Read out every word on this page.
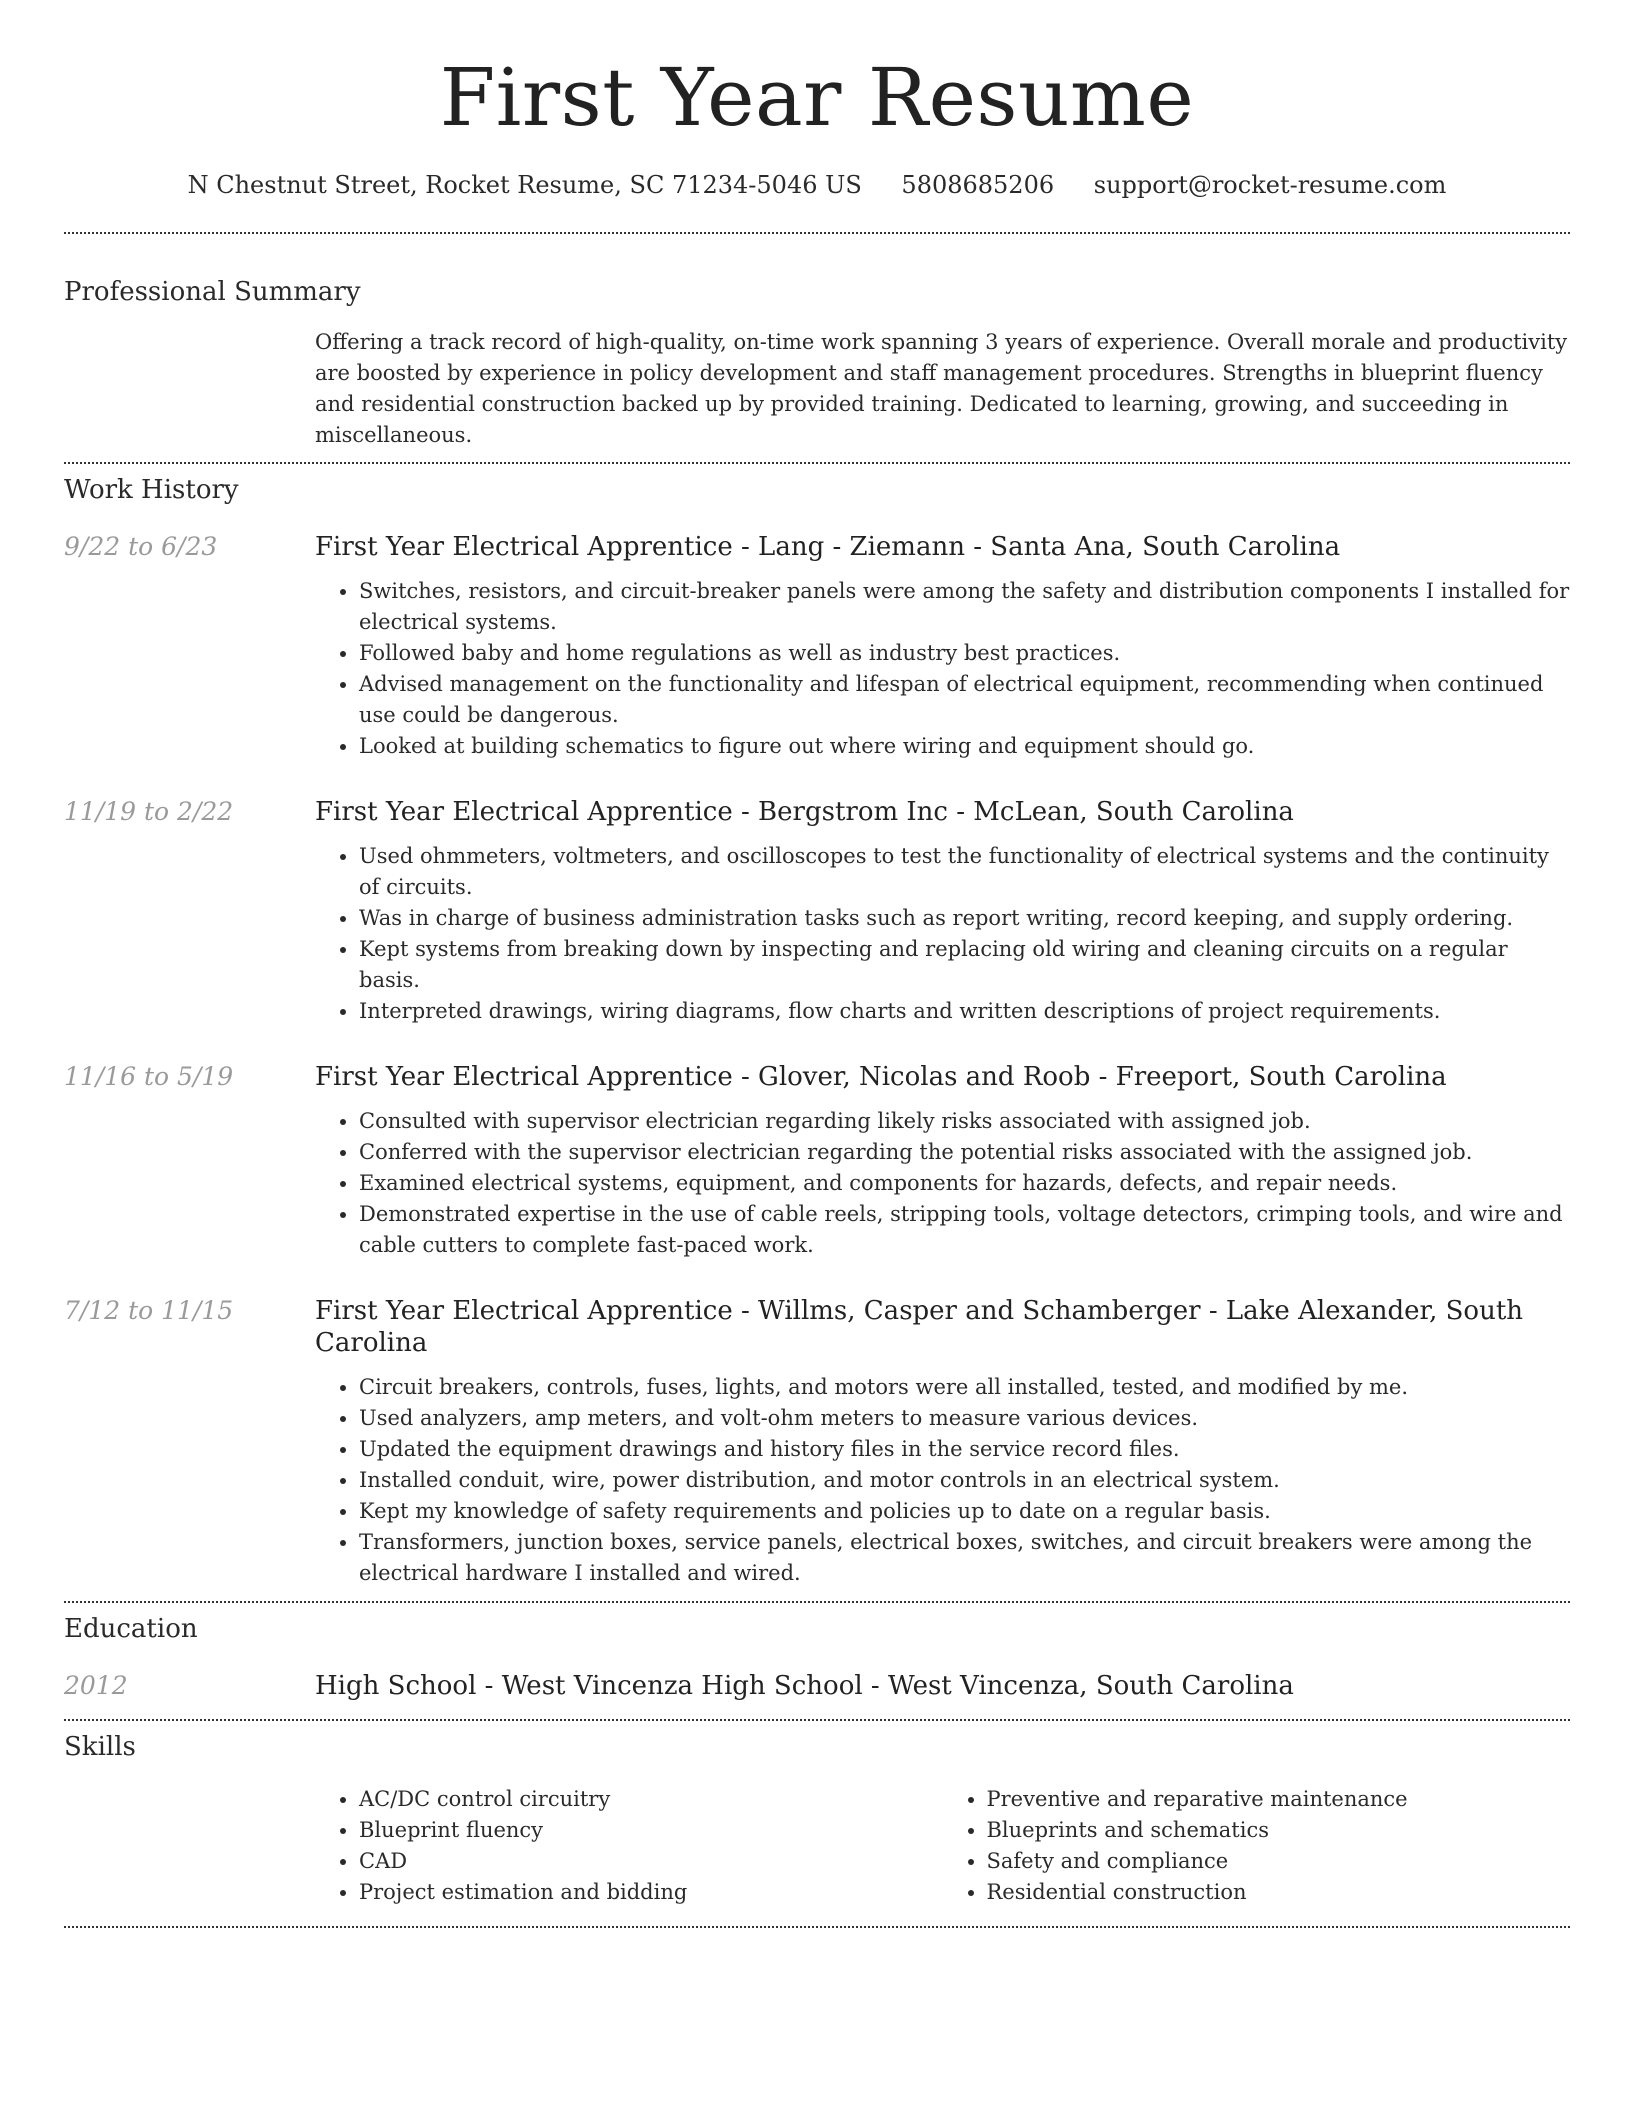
First Year Resume
N Chestnut Street, Rocket Resume, SC 71234-5046 US 5808685206 support@rocket-resume.com
Professional Summary
Offering a track record of high-quality, on-time work spanning 3 years of experience. Overall morale and productivity are boosted by experience in policy development and staff management procedures. Strengths in blueprint fluency and residential construction backed up by provided training. Dedicated to learning, growing, and succeeding in miscellaneous.
Work History
9/22 to 6/23	First Year Electrical Apprentice - Lang - Ziemann - Santa Ana, South Carolina
• Switches, resistors, and circuit-breaker panels were among the safety and distribution components I installed for electrical systems.
• Followed baby and home regulations as well as industry best practices.
• Advised management on the functionality and lifespan of electrical equipment, recommending when continued use could be dangerous.
• Looked at building schematics to figure out where wiring and equipment should go.
11/19 to 2/22	First Year Electrical Apprentice - Bergstrom Inc - McLean, South Carolina
• Used ohmmeters, voltmeters, and oscilloscopes to test the functionality of electrical systems and the continuity of circuits.
• Was in charge of business administration tasks such as report writing, record keeping, and supply ordering.
• Kept systems from breaking down by inspecting and replacing old wiring and cleaning circuits on a regular basis.
• Interpreted drawings, wiring diagrams, flow charts and written descriptions of project requirements.
11/16 to 5/19	First Year Electrical Apprentice - Glover, Nicolas and Roob - Freeport, South Carolina
• Consulted with supervisor electrician regarding likely risks associated with assigned job.
• Conferred with the supervisor electrician regarding the potential risks associated with the assigned job.
• Examined electrical systems, equipment, and components for hazards, defects, and repair needs.
• Demonstrated expertise in the use of cable reels, stripping tools, voltage detectors, crimping tools, and wire and cable cutters to complete fast-paced work.
7/12 to 11/15	First Year Electrical Apprentice - Willms, Casper and Schamberger - Lake Alexander, South Carolina
• Circuit breakers, controls, fuses, lights, and motors were all installed, tested, and modified by me.
• Used analyzers, amp meters, and volt-ohm meters to measure various devices.
• Updated the equipment drawings and history files in the service record files.
• Installed conduit, wire, power distribution, and motor controls in an electrical system.
• Kept my knowledge of safety requirements and policies up to date on a regular basis.
• Transformers, junction boxes, service panels, electrical boxes, switches, and circuit breakers were among the electrical hardware I installed and wired.
Education
2012	High School - West Vincenza High School - West Vincenza, South Carolina
Skills
• AC/DC control circuitry
• Blueprint fluency
• CAD
• Project estimation and bidding
• Preventive and reparative maintenance
• Blueprints and schematics
• Safety and compliance
• Residential construction
